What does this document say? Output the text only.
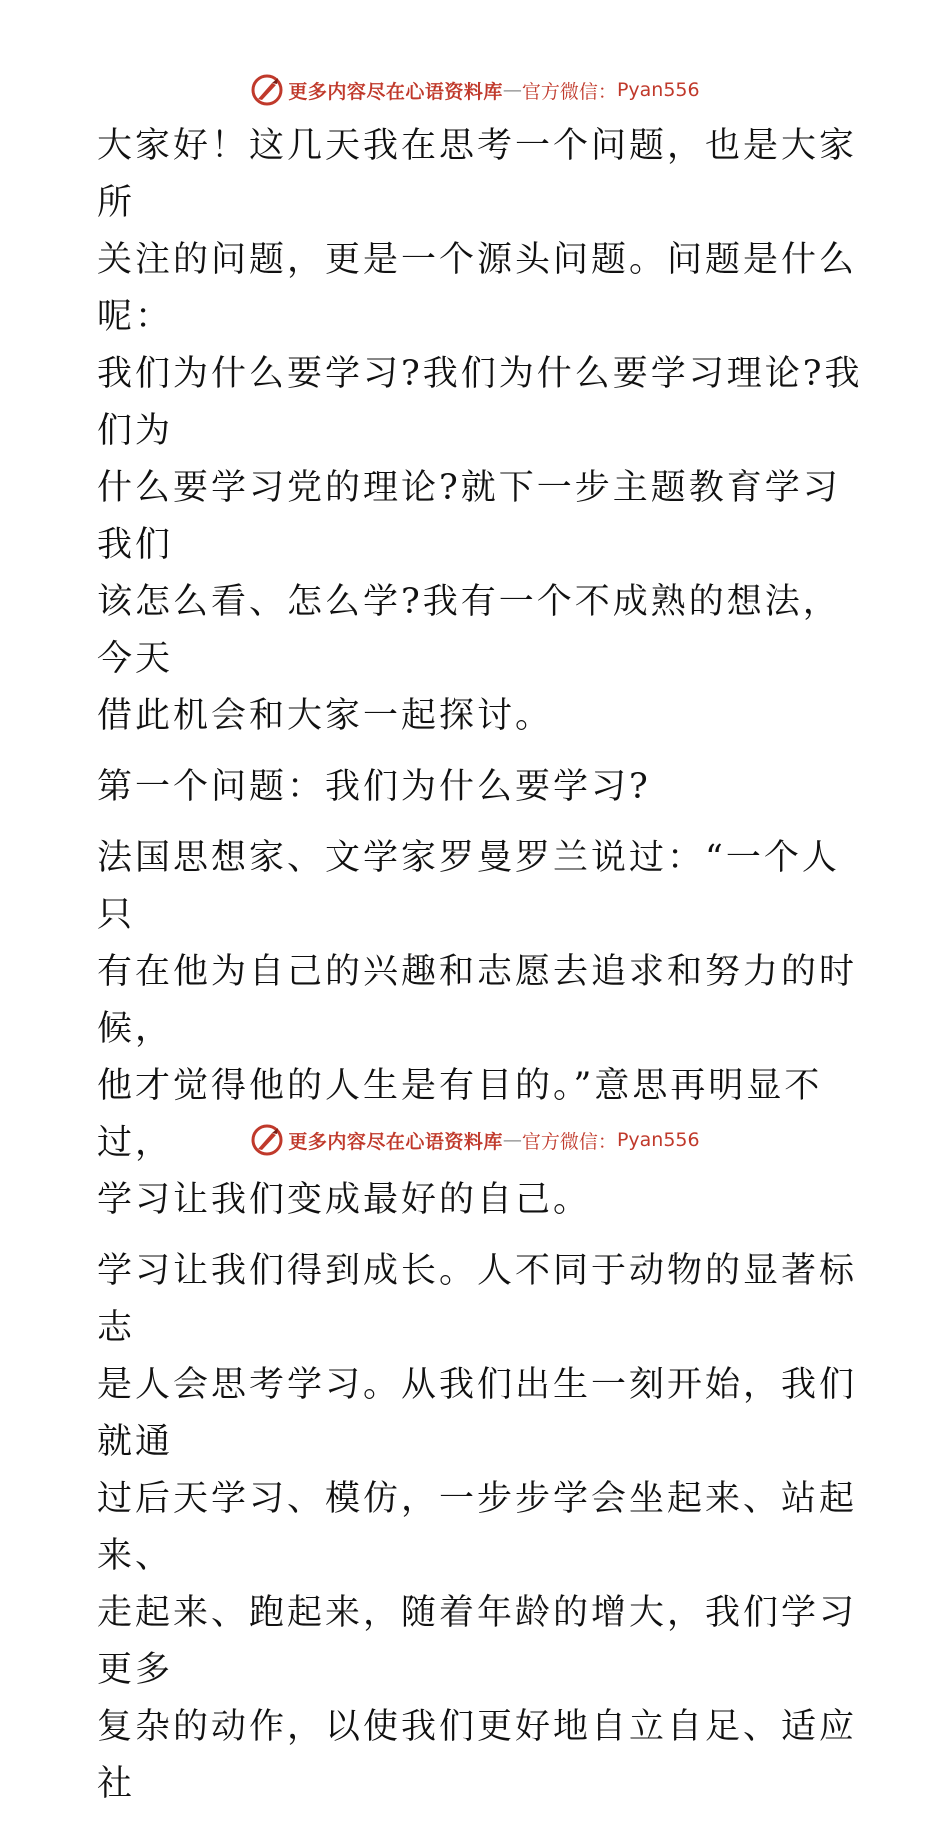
更多内容尽在心语资料库 — 官方微信： Pyan556

大家好！这几天我在思考一个问题，也是大家所
关注的问题，更是一个源头问题。问题是什么呢：
我们为什么要学习?我们为什么要学习理论?我们为
什么要学习党的理论?就下一步主题教育学习我们
该怎么看、怎么学?我有一个不成熟的想法，今天
借此机会和大家一起探讨。

第一个问题：我们为什么要学习?

法国思想家、文学家罗曼罗兰说过：“一个人只
有在他为自己的兴趣和志愿去追求和努力的时候，
他才觉得他的人生是有目的。”意思再明显不过，
学习让我们变成最好的自己。

学习让我们得到成长。人不同于动物的显著标志
是人会思考学习。从我们出生一刻开始，我们就通
过后天学习、模仿，一步步学会坐起来、站起来、
走起来、跑起来，随着年龄的增大，我们学习更多
复杂的动作，以使我们更好地自立自足、适应社

更多内容尽在心语资料库 — 官方微信： Pyan556
